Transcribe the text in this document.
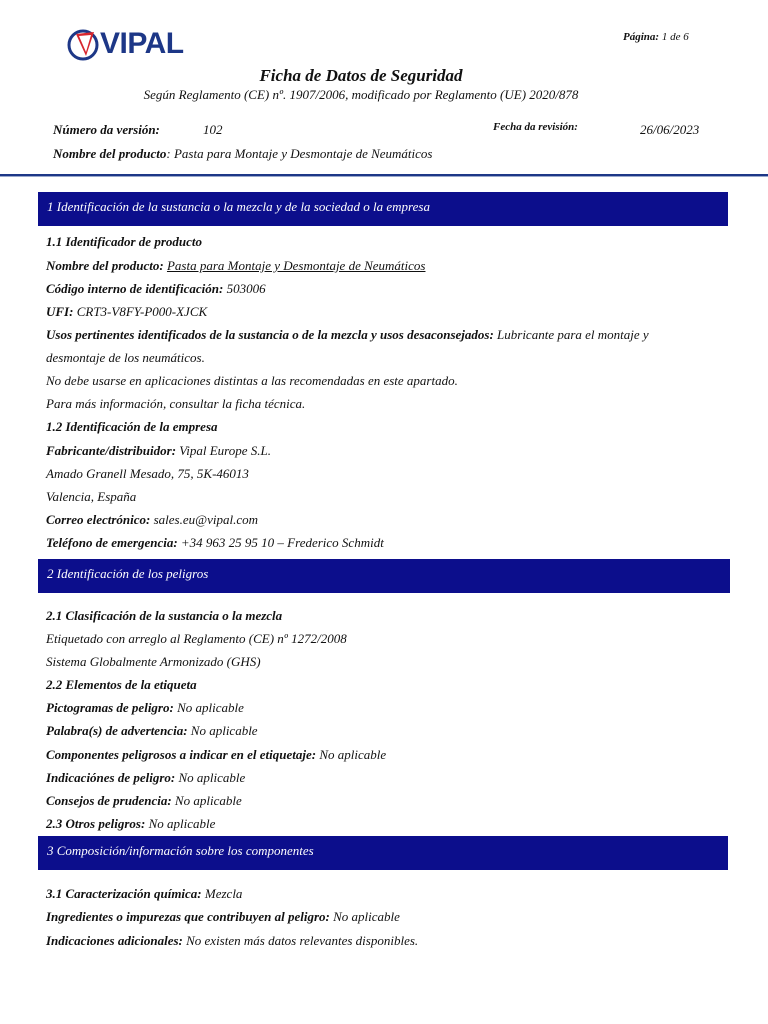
VIPAL	Página: 1 de 6
Ficha de Datos de Seguridad
Según Reglamento (CE) nº. 1907/2006, modificado por Reglamento (UE) 2020/878
Número da versión:	102	Fecha da revisión:	26/06/2023
Nombre del producto: Pasta para Montaje y Desmontaje de Neumáticos
1 Identificación de la sustancia o la mezcla y de la sociedad o la empresa
1.1 Identificador de producto
Nombre del producto: Pasta para Montaje y Desmontaje de Neumáticos
Código interno de identificación: 503006
UFI: CRT3-V8FY-P000-XJCK
Usos pertinentes identificados de la sustancia o de la mezcla y usos desaconsejados: Lubricante para el montaje y
desmontaje de los neumáticos.
No debe usarse en aplicaciones distintas a las recomendadas en este apartado.
Para más información, consultar la ficha técnica.
1.2 Identificación de la empresa
Fabricante/distribuidor: Vipal Europe S.L.
Amado Granell Mesado, 75, 5K-46013
Valencia, España
Correo electrónico: sales.eu@vipal.com
Teléfono de emergencia: +34 963 25 95 10 – Frederico Schmidt
2 Identificación de los peligros
2.1 Clasificación de la sustancia o la mezcla
Etiquetado con arreglo al Reglamento (CE) nº 1272/2008
Sistema Globalmente Armonizado (GHS)
2.2 Elementos de la etiqueta
Pictogramas de peligro: No aplicable
Palabra(s) de advertencia: No aplicable
Componentes peligrosos a indicar en el etiquetaje: No aplicable
Indicaciónes de peligro: No aplicable
Consejos de prudencia: No aplicable
2.3 Otros peligros: No aplicable
3 Composición/información sobre los componentes
3.1 Caracterización química: Mezcla
Ingredientes o impurezas que contribuyen al peligro: No aplicable
Indicaciones adicionales: No existen más datos relevantes disponibles.
